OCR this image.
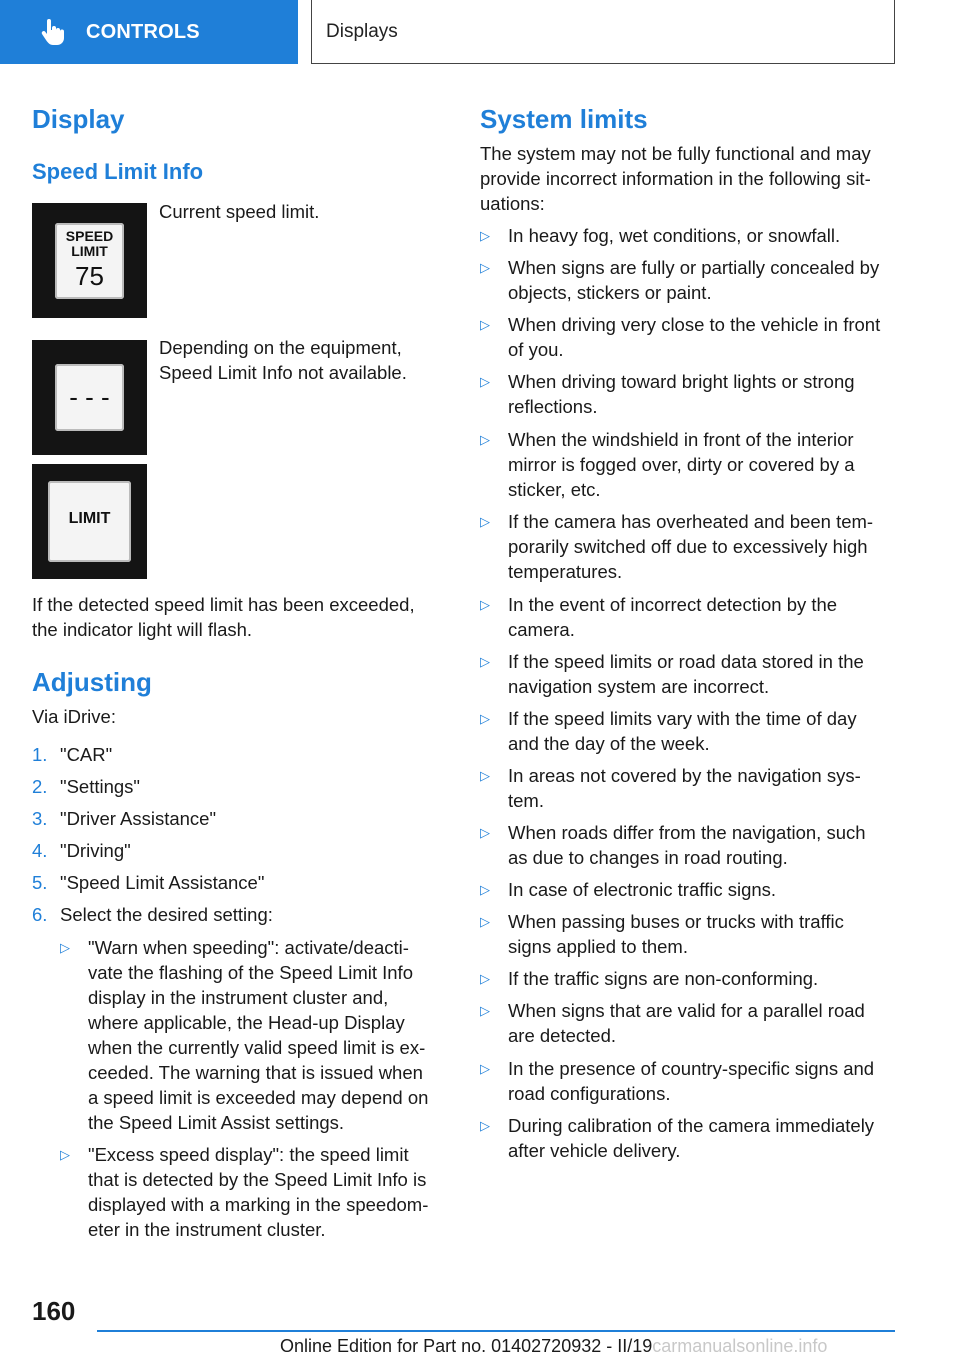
CONTROLS	Displays
Display
Speed Limit Info
SPEED
LIMIT
75

Current speed limit.

- - -

Depending on the equipment, Speed Limit Info not available.

LIMIT

If the detected speed limit has been exceeded, the indicator light will flash.

Adjusting

Via iDrive:

1. "CAR"
2. "Settings"
3. "Driver Assistance"
4. "Driving"
5. "Speed Limit Assistance"
6. Select the desired setting:
▷ "Warn when speeding": activate/deacti-
vate the flashing of the Speed Limit Info
display in the instrument cluster and,
where applicable, the Head-up Display
when the currently valid speed limit is ex-
ceeded. The warning that is issued when
a speed limit is exceeded may depend on
the Speed Limit Assist settings.
▷ "Excess speed display": the speed limit
that is detected by the Speed Limit Info is
displayed with a marking in the speedom-
eter in the instrument cluster.
System limits

The system may not be fully functional and may
provide incorrect information in the following sit-
uations:

▷ In heavy fog, wet conditions, or snowfall.
▷ When signs are fully or partially concealed by
objects, stickers or paint.
▷ When driving very close to the vehicle in front
of you.
▷ When driving toward bright lights or strong
reflections.
▷ When the windshield in front of the interior
mirror is fogged over, dirty or covered by a
sticker, etc.
▷ If the camera has overheated and been tem-
porarily switched off due to excessively high
temperatures.
▷ In the event of incorrect detection by the
camera.
▷ If the speed limits or road data stored in the
navigation system are incorrect.
▷ If the speed limits vary with the time of day
and the day of the week.
▷ In areas not covered by the navigation sys-
tem.
▷ When roads differ from the navigation, such
as due to changes in road routing.
▷ In case of electronic traffic signs.
▷ When passing buses or trucks with traffic
signs applied to them.
▷ If the traffic signs are non-conforming.
▷ When signs that are valid for a parallel road
are detected.
▷ In the presence of country-specific signs and
road configurations.
▷ During calibration of the camera immediately
after vehicle delivery.
160
Online Edition for Part no. 01402720932 - II/19carmanualsonline.info
